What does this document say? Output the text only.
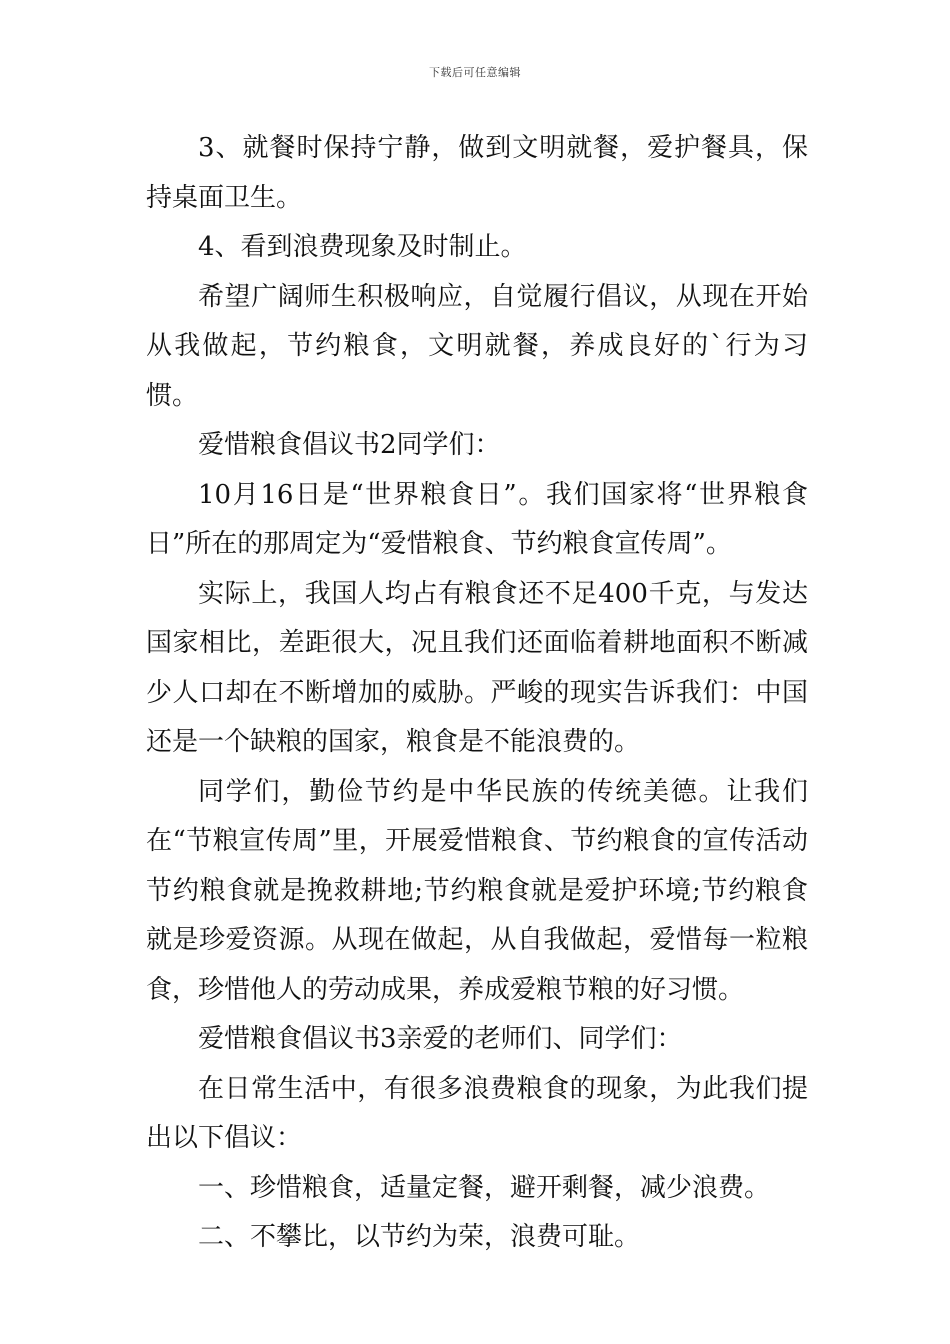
下载后可任意编辑

3、就餐时保持宁静，做到文明就餐，爱护餐具，保持桌面卫生。

4、看到浪费现象及时制止。

希望广阔师生积极响应，自觉履行倡议，从现在开始从我做起，节约粮食，文明就餐，养成良好的`行为习惯。

爱惜粮食倡议书2同学们：

10月16日是“世界粮食日”。我们国家将“世界粮食日”所在的那周定为“爱惜粮食、节约粮食宣传周”。

实际上，我国人均占有粮食还不足400千克，与发达国家相比，差距很大，况且我们还面临着耕地面积不断减少人口却在不断增加的威胁。严峻的现实告诉我们：中国还是一个缺粮的国家，粮食是不能浪费的。

同学们，勤俭节约是中华民族的传统美德。让我们在“节粮宣传周”里，开展爱惜粮食、节约粮食的宣传活动节约粮食就是挽救耕地;节约粮食就是爱护环境;节约粮食就是珍爱资源。从现在做起，从自我做起，爱惜每一粒粮食，珍惜他人的劳动成果，养成爱粮节粮的好习惯。

爱惜粮食倡议书3亲爱的老师们、同学们：

在日常生活中，有很多浪费粮食的现象，为此我们提出以下倡议：

一、珍惜粮食，适量定餐，避开剩餐，减少浪费。

二、不攀比，以节约为荣，浪费可耻。
